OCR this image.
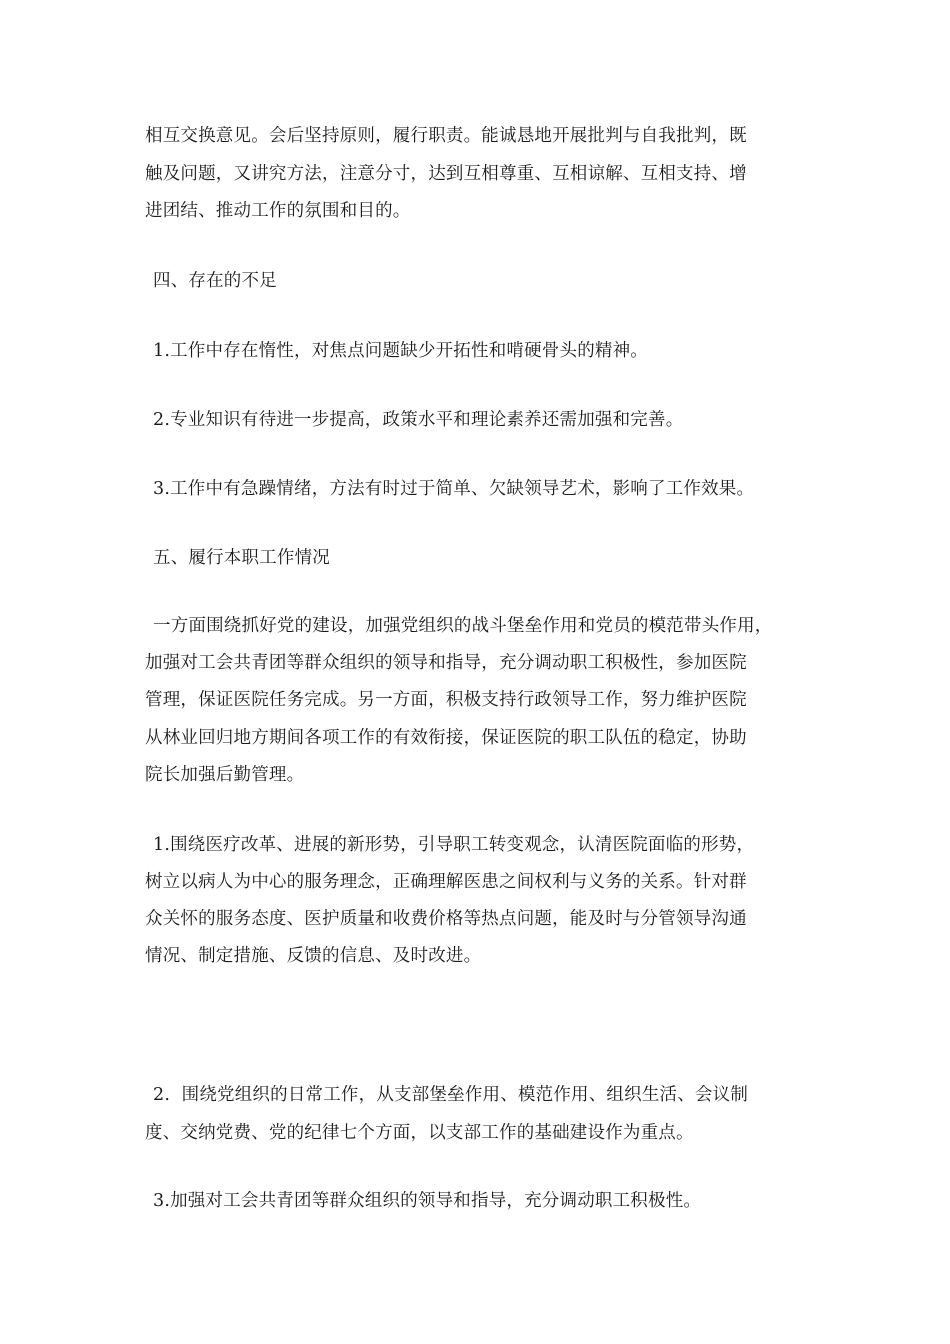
相互交换意见。会后坚持原则，履行职责。能诚恳地开展批判与自我批判，既
触及问题，又讲究方法，注意分寸，达到互相尊重、互相谅解、互相支持、增
进团结、推动工作的氛围和目的。
四、存在的不足
1.工作中存在惰性，对焦点问题缺少开拓性和啃硬骨头的精神。
2.专业知识有待进一步提高，政策水平和理论素养还需加强和完善。
3.工作中有急躁情绪，方法有时过于简单、欠缺领导艺术，影响了工作效果。
五、履行本职工作情况
一方面围绕抓好党的建设，加强党组织的战斗堡垒作用和党员的模范带头作用，
加强对工会共青团等群众组织的领导和指导，充分调动职工积极性，参加医院
管理，保证医院任务完成。另一方面，积极支持行政领导工作，努力维护医院
从林业回归地方期间各项工作的有效衔接，保证医院的职工队伍的稳定，协助
院长加强后勤管理。
1.围绕医疗改革、进展的新形势，引导职工转变观念，认清医院面临的形势，
树立以病人为中心的服务理念，正确理解医患之间权利与义务的关系。针对群
众关怀的服务态度、医护质量和收费价格等热点问题，能及时与分管领导沟通
情况、制定措施、反馈的信息、及时改进。
2.  围绕党组织的日常工作，从支部堡垒作用、模范作用、组织生活、会议制
度、交纳党费、党的纪律七个方面，以支部工作的基础建设作为重点。
3.加强对工会共青团等群众组织的领导和指导，充分调动职工积极性。
